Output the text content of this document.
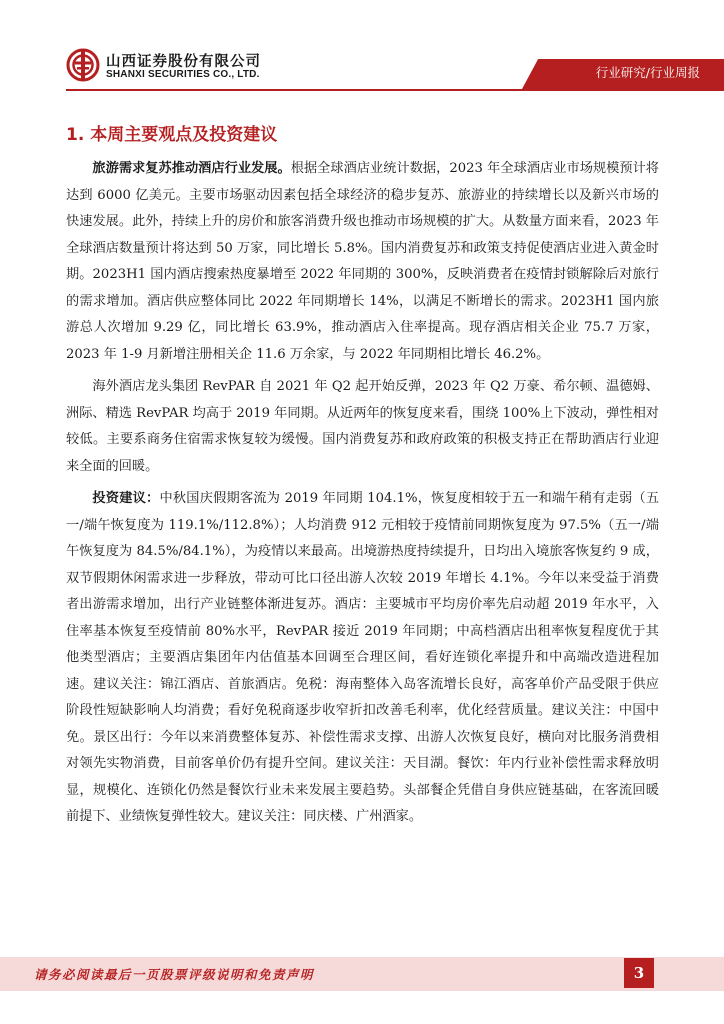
山西证券股份有限公司
SHANXI SECURITIES CO., LTD.	行业研究/行业周报
1. 本周主要观点及投资建议

旅游需求复苏推动酒店行业发展。根据全球酒店业统计数据，2023 年全球酒店业市场规模预计将达到 6000 亿美元。主要市场驱动因素包括全球经济的稳步复苏、旅游业的持续增长以及新兴市场的快速发展。此外，持续上升的房价和旅客消费升级也推动市场规模的扩大。从数量方面来看，2023 年全球酒店数量预计将达到 50 万家，同比增长 5.8%。国内消费复苏和政策支持促使酒店业进入黄金时期。2023H1 国内酒店搜索热度暴增至 2022 年同期的 300%，反映消费者在疫情封锁解除后对旅行的需求增加。酒店供应整体同比 2022 年同期增长 14%，以满足不断增长的需求。2023H1 国内旅游总人次增加 9.29 亿，同比增长 63.9%，推动酒店入住率提高。现存酒店相关企业 75.7 万家，2023 年 1-9 月新增注册相关企 11.6 万余家，与 2022 年同期相比增长 46.2%。

海外酒店龙头集团 RevPAR 自 2021 年 Q2 起开始反弹，2023 年 Q2 万豪、希尔顿、温德姆、洲际、精选 RevPAR 均高于 2019 年同期。从近两年的恢复度来看，围绕 100%上下波动，弹性相对较低。主要系商务住宿需求恢复较为缓慢。国内消费复苏和政府政策的积极支持正在帮助酒店行业迎来全面的回暖。

投资建议：中秋国庆假期客流为 2019 年同期 104.1%，恢复度相较于五一和端午稍有走弱（五一/端午恢复度为 119.1%/112.8%）；人均消费 912 元相较于疫情前同期恢复度为 97.5%（五一/端午恢复度为 84.5%/84.1%），为疫情以来最高。出境游热度持续提升，日均出入境旅客恢复约 9 成，双节假期休闲需求进一步释放，带动可比口径出游人次较 2019 年增长 4.1%。今年以来受益于消费者出游需求增加，出行产业链整体渐进复苏。酒店：主要城市平均房价率先启动超 2019 年水平，入住率基本恢复至疫情前 80%水平，RevPAR 接近 2019 年同期；中高档酒店出租率恢复程度优于其他类型酒店；主要酒店集团年内估值基本回调至合理区间，看好连锁化率提升和中高端改造进程加速。建议关注：锦江酒店、首旅酒店。免税：海南整体入岛客流增长良好，高客单价产品受限于供应阶段性短缺影响人均消费；看好免税商逐步收窄折扣改善毛利率，优化经营质量。建议关注：中国中免。景区出行：今年以来消费整体复苏、补偿性需求支撑、出游人次恢复良好，横向对比服务消费相对领先实物消费，目前客单价仍有提升空间。建议关注：天目湖。餐饮：年内行业补偿性需求释放明显，规模化、连锁化仍然是餐饮行业未来发展主要趋势。头部餐企凭借自身供应链基础，在客流回暖前提下、业绩恢复弹性较大。建议关注：同庆楼、广州酒家。

请务必阅读最后一页股票评级说明和免责声明	3
